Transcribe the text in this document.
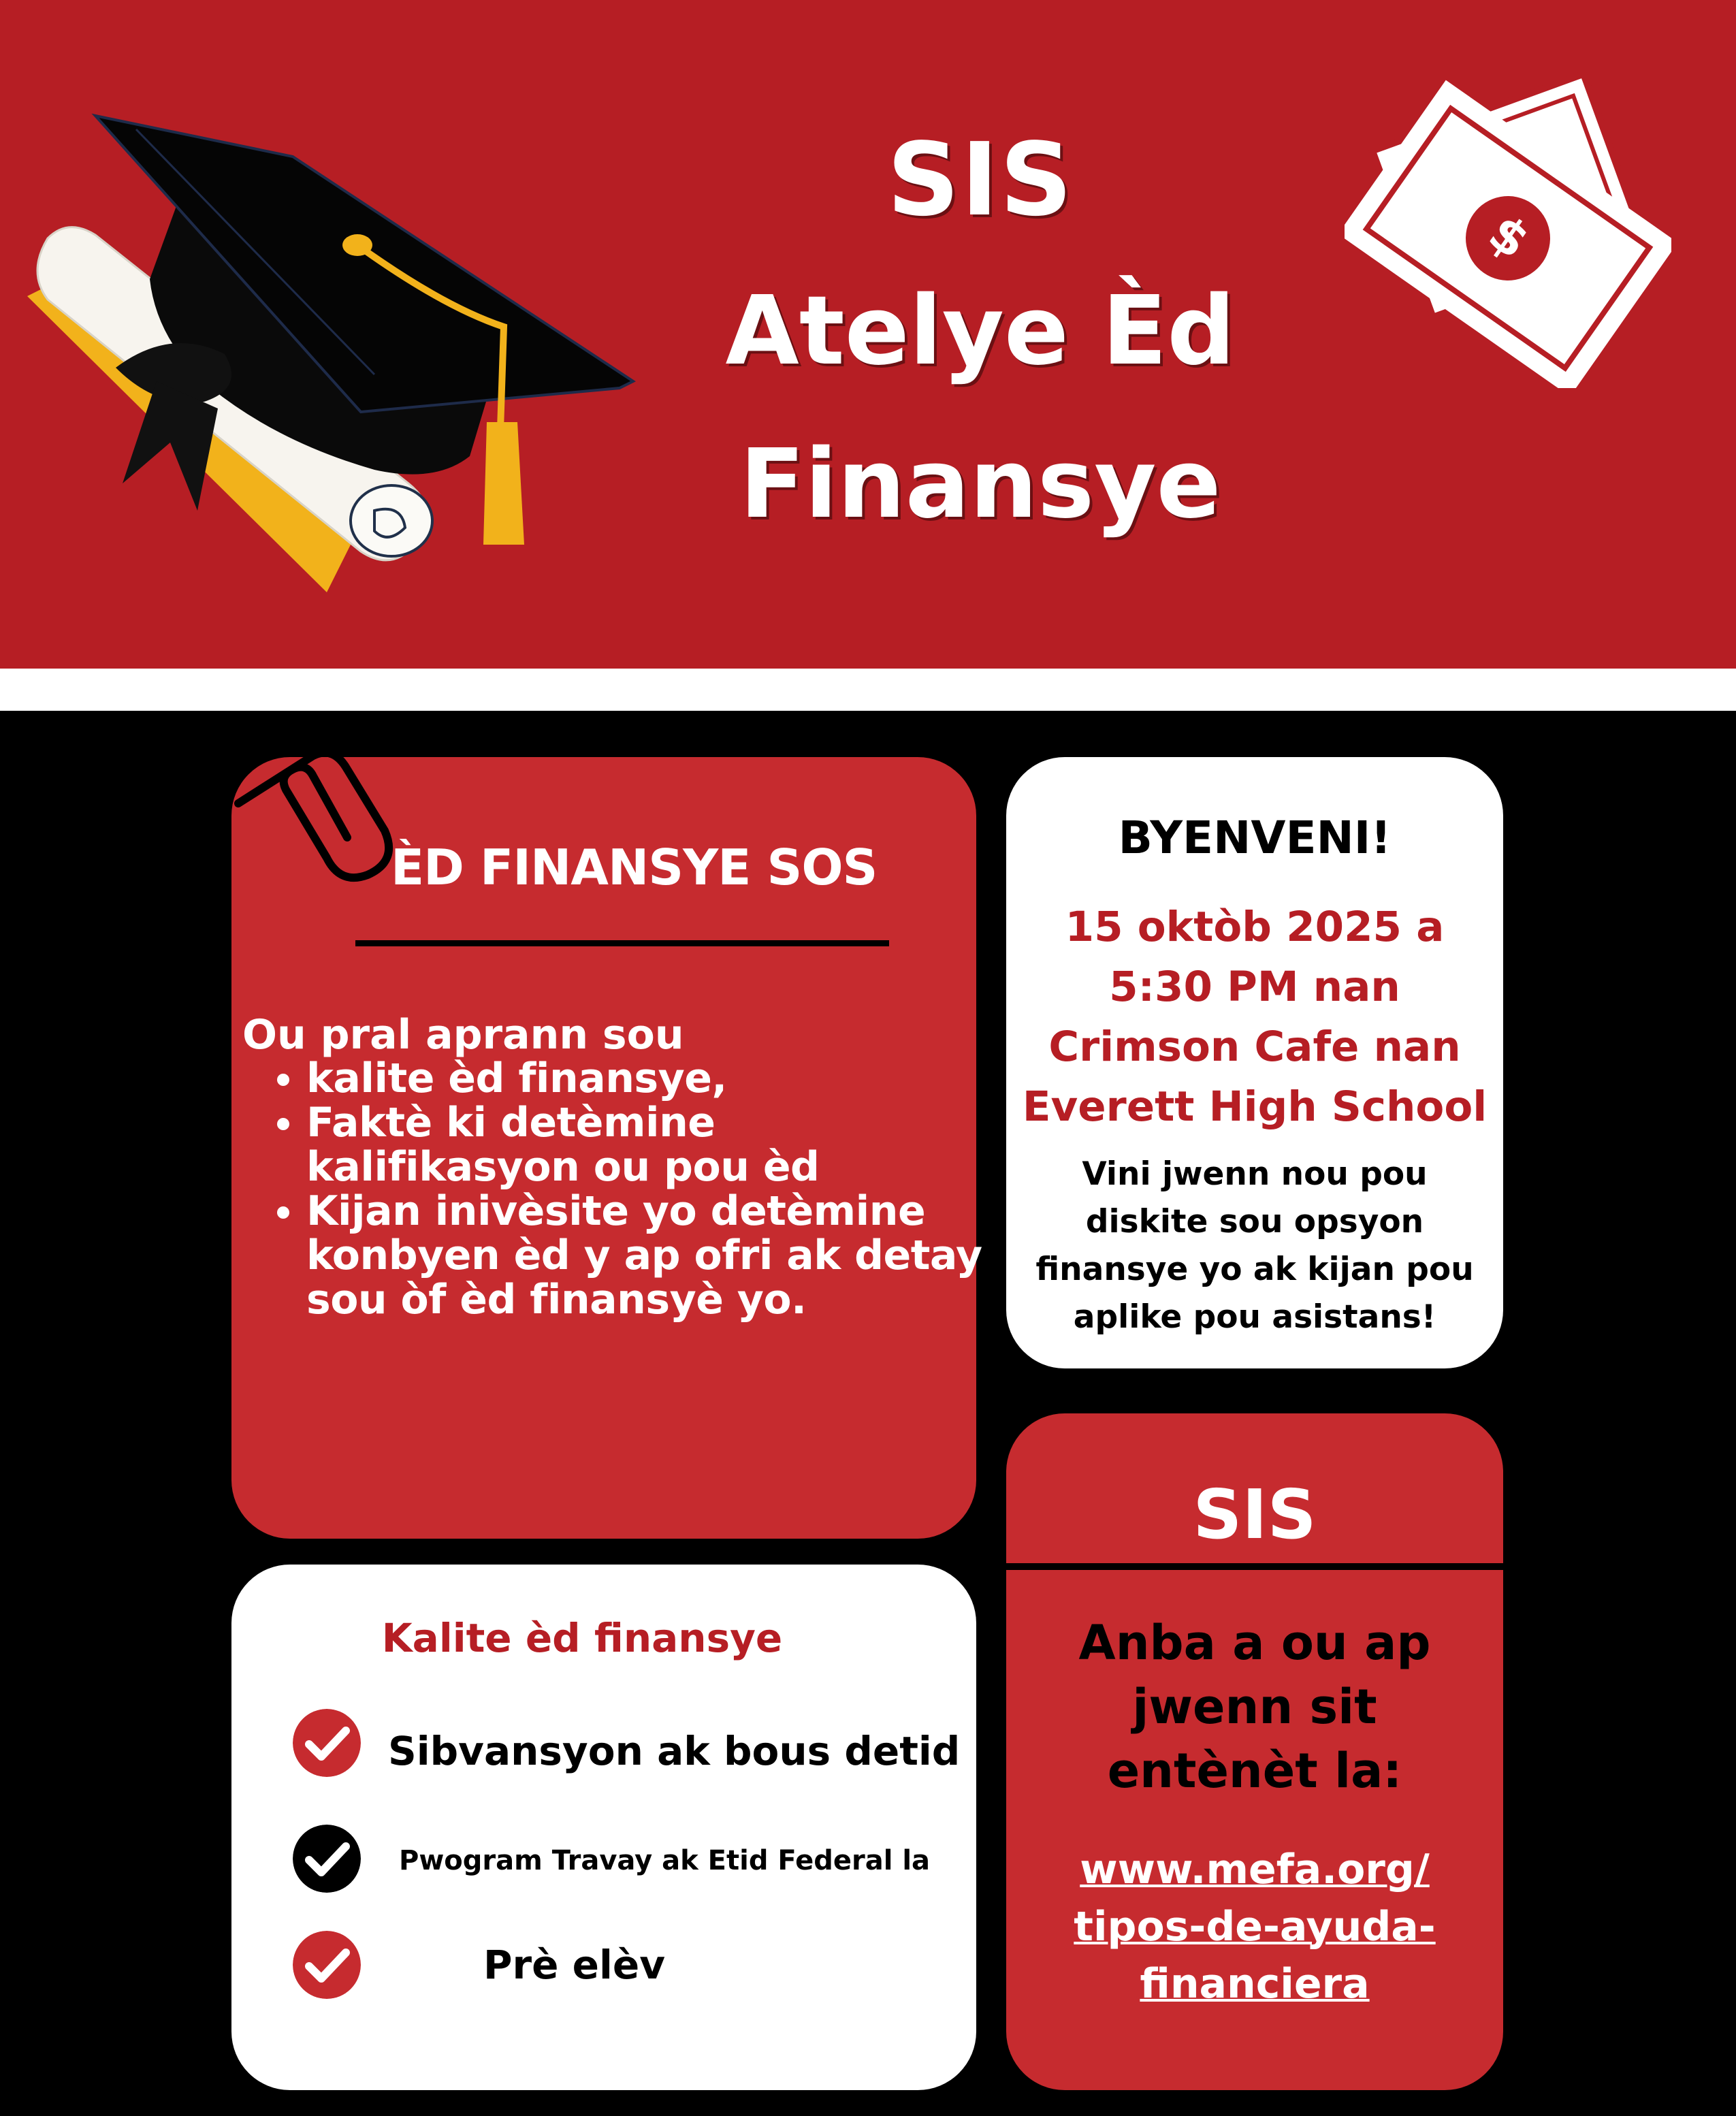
$
SIS
Atelye Èd
Finansye
ÈD FINANSYE SOS
Ou pral aprann sou
• kalite èd finansye,
• Faktè ki detèmine kalifikasyon ou pou èd
• Kijan inivèsite yo detèmine konbyen èd y ap ofri ak detay sou òf èd finansyè yo.
BYENVENI!
15 oktòb 2025 a 5:30 PM nan Crimson Cafe nan Everett High School
Vini jwenn nou pou diskite sou opsyon finansye yo ak kijan pou aplike pou asistans!
Kalite èd finansye
Sibvansyon ak bous detid
Pwogram Travay ak Etid Federal la
Prè elèv
SIS
Anba a ou ap jwenn sit entènèt la:
www.mefa.org/ tipos-de-ayuda- financiera
